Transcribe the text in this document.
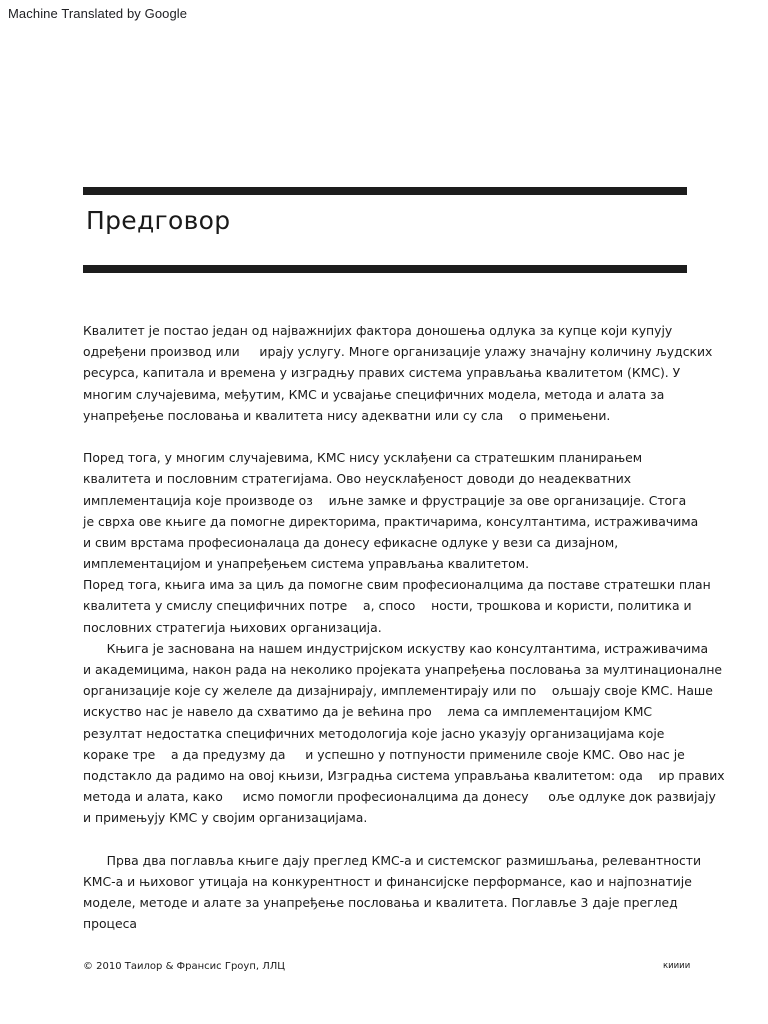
Machine Translated by Google
Предговор
Квалитет је постао један од најважнијих фактора доношења одлука за купце који купују
одређени производ или     ирају услугу. Многе организације улажу значајну количину људских
ресурса, капитала и времена у изградњу правих система управљања квалитетом (КМС). У
многим случајевима, међутим, КМС и усвајање специфичних модела, метода и алата за
унапређење пословања и квалитета нису адекватни или су сла    о примењени.
Поред тога, у многим случајевима, КМС нису усклађени са стратешким планирањем
квалитета и пословним стратегијама. Ово неусклађеност доводи до неадекватних
имплементација које производе оз    иљне замке и фрустрације за ове организације. Стога
је сврха ове књиге да помогне директорима, практичарима, консултантима, истраживачима
и свим врстама професионалаца да донесу ефикасне одлуке у вези са дизајном,
имплементацијом и унапређењем система управљања квалитетом.
Поред тога, књига има за циљ да помогне свим професионалцима да поставе стратешки план
квалитета у смислу специфичних потре    а, спосо    ности, трошкова и користи, политика и
пословних стратегија њихових организација.
Књига је заснована на нашем индустријском искуству као консултантима, истраживачима
и академицима, након рада на неколико пројеката унапређења пословања за мултинационалне
организације које су желеле да дизајнирају, имплементирају или по    ољшају своје КМС. Наше
искуство нас је навело да схватимо да је већина про    лема са имплементацијом КМС
резултат недостатка специфичних методологија које јасно указују организацијама које
кораке тре    а да предузму да     и успешно у потпуности примениле своје КМС. Ово нас је
подстакло да радимо на овој књизи, Изградња система управљања квалитетом: ода    ир правих
метода и алата, како     исмо помогли професионалцима да донесу     оље одлуке док развијају
и примењују КМС у својим организацијама.
Прва два поглавља књиге дају преглед КМС-а и системског размишљања, релевантности
КМС-а и њиховог утицаја на конкурентност и финансијске перформансе, као и најпознатије
моделе, методе и алате за унапређење пословања и квалитета. Поглавље 3 даје преглед
процеса
© 2010 Таилор & Франсис Гроуп, ЛЛЦ	кииии
